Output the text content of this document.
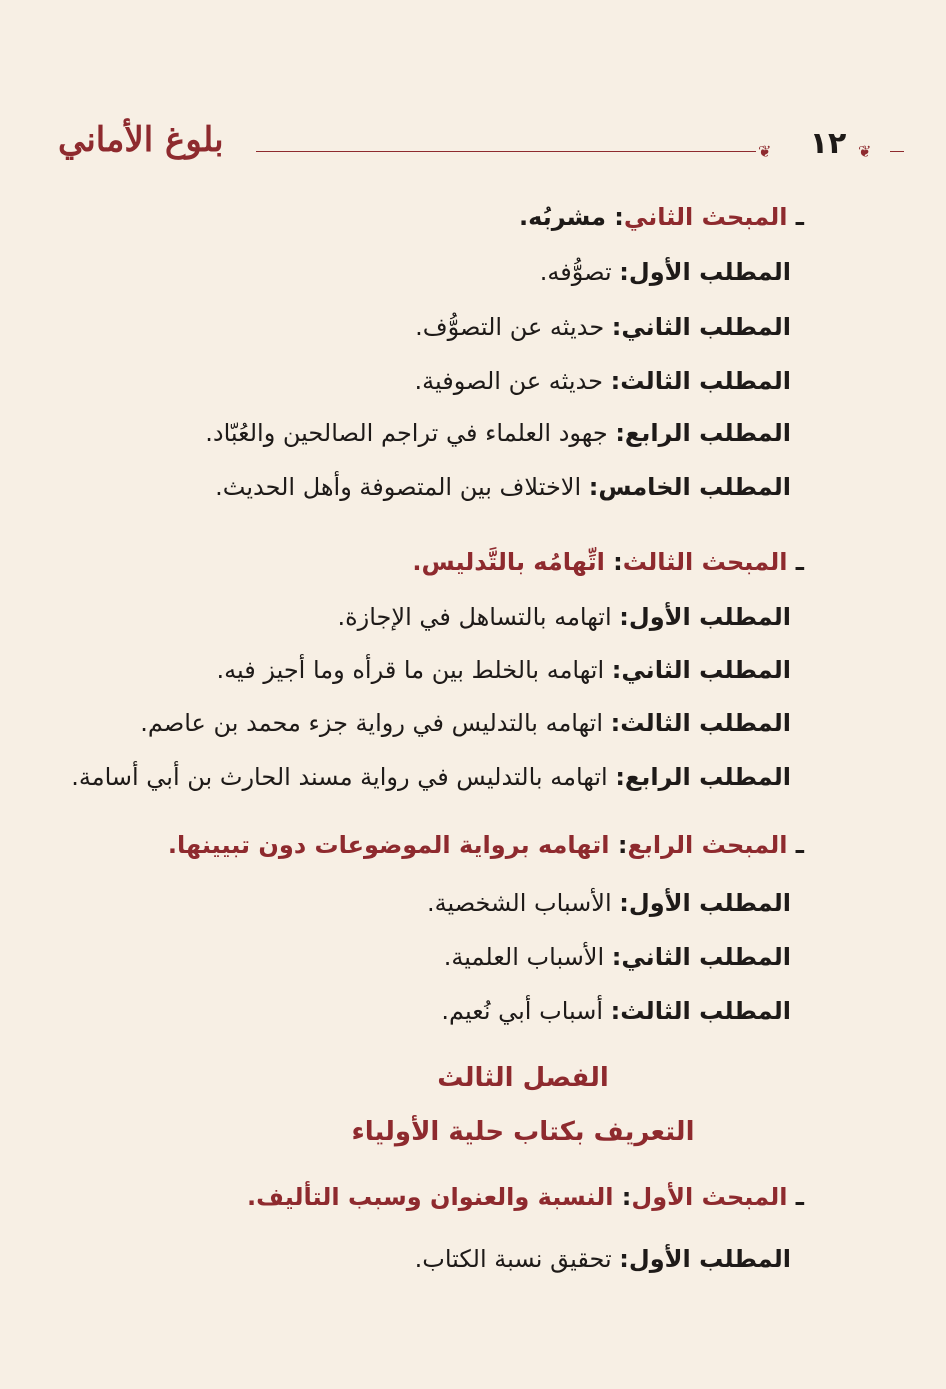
بلوغ الأماني	❦ ١٢ ❦
ـ المبحث الثاني: مشربُه.
المطلب الأول: تصوُّفه.
المطلب الثاني: حديثه عن التصوُّف.
المطلب الثالث: حديثه عن الصوفية.
المطلب الرابع: جهود العلماء في تراجم الصالحين والعُبّاد.
المطلب الخامس: الاختلاف بين المتصوفة وأهل الحديث.
ـ المبحث الثالث: اتِّهامُه بالتَّدليس.
المطلب الأول: اتهامه بالتساهل في الإجازة.
المطلب الثاني: اتهامه بالخلط بين ما قرأه وما أجيز فيه.
المطلب الثالث: اتهامه بالتدليس في رواية جزء محمد بن عاصم.
المطلب الرابع: اتهامه بالتدليس في رواية مسند الحارث بن أبي أسامة.
ـ المبحث الرابع: اتهامه برواية الموضوعات دون تبيينها.
المطلب الأول: الأسباب الشخصية.
المطلب الثاني: الأسباب العلمية.
المطلب الثالث: أسباب أبي نُعيم.
الفصل الثالث
التعريف بكتاب حلية الأولياء
ـ المبحث الأول: النسبة والعنوان وسبب التأليف.
المطلب الأول: تحقيق نسبة الكتاب.
